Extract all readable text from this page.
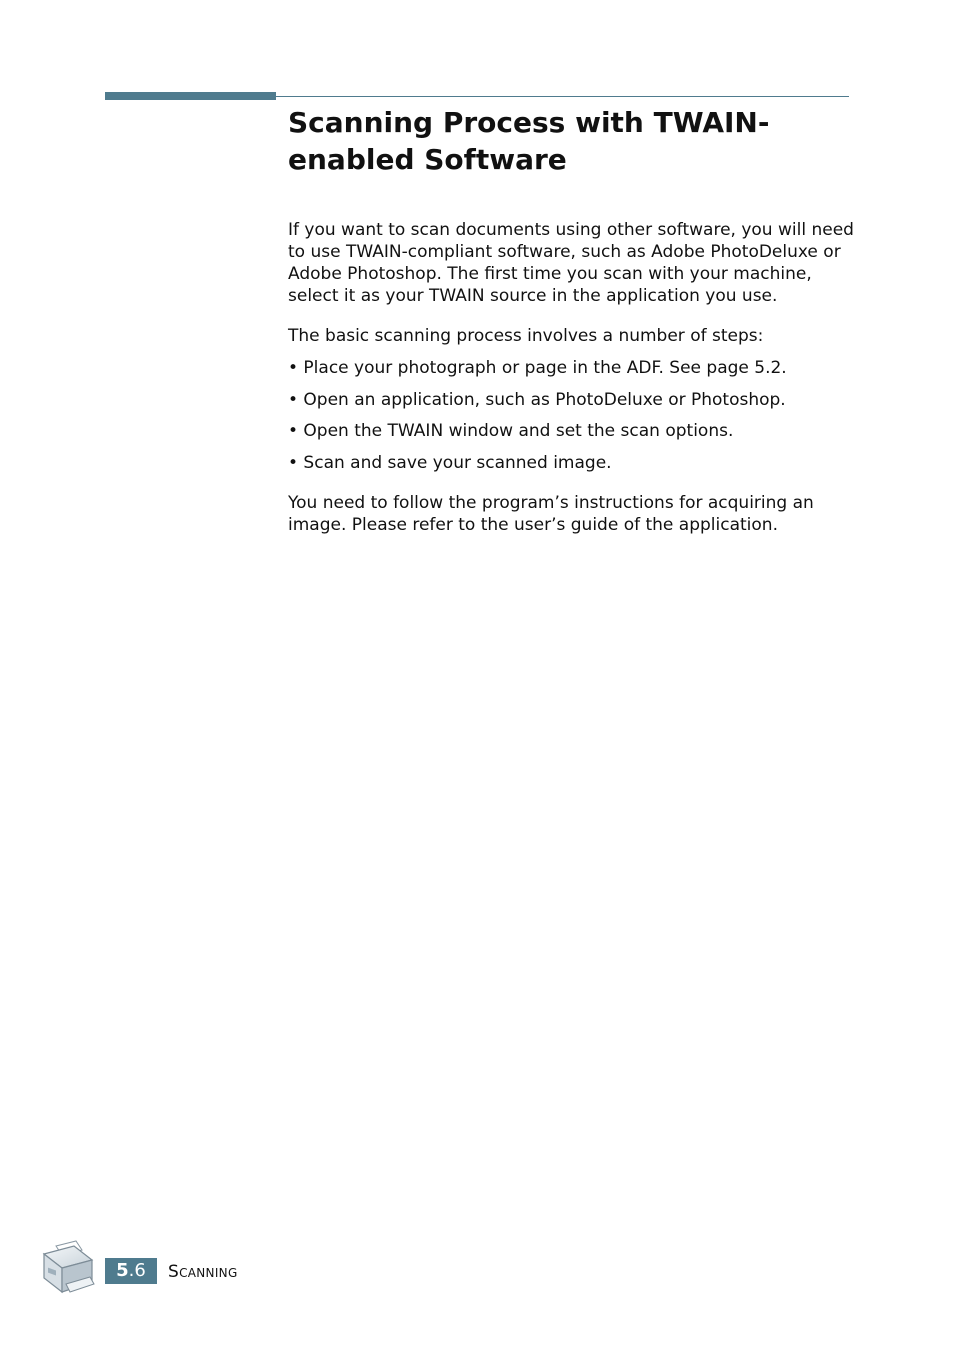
Scanning Process with TWAIN-
enabled Software

If you want to scan documents using other software, you will need to use TWAIN-compliant software, such as Adobe PhotoDeluxe or Adobe Photoshop. The first time you scan with your machine, select it as your TWAIN source in the application you use.

The basic scanning process involves a number of steps:

• Place your photograph or page in the ADF. See page 5.2.
• Open an application, such as PhotoDeluxe or Photoshop.
• Open the TWAIN window and set the scan options.
• Scan and save your scanned image.

You need to follow the program’s instructions for acquiring an image. Please refer to the user’s guide of the application.

5.6	Scanning
